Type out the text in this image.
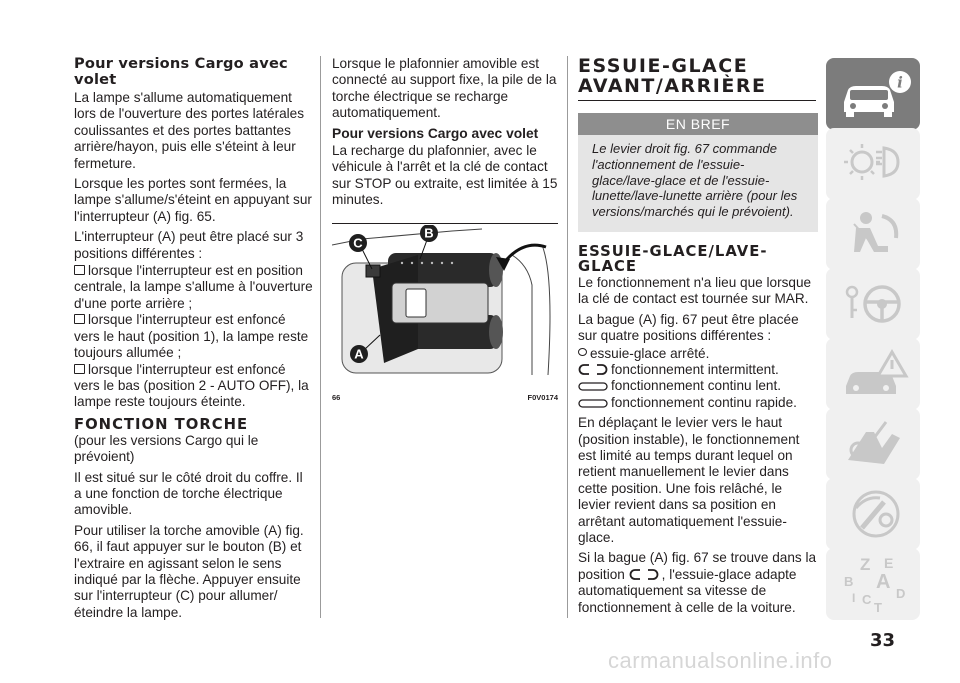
Pour versions Cargo avec volet

La lampe s'allume automatiquement lors de l'ouverture des portes latérales coulissantes et des portes battantes arrière/hayon, puis elle s'éteint à leur fermeture.

Lorsque les portes sont fermées, la lampe s'allume/s'éteint en appuyant sur l'interrupteur (A) fig. 65.

L'interrupteur (A) peut être placé sur 3 positions différentes :

lorsque l'interrupteur est en position centrale, la lampe s'allume à l'ouverture d'une porte arrière ;
lorsque l'interrupteur est enfoncé vers le haut (position 1), la lampe reste toujours allumée ;
lorsque l'interrupteur est enfoncé vers le bas (position 2 - AUTO OFF), la lampe reste toujours éteinte.
FONCTION TORCHE

(pour les versions Cargo qui le prévoient)

Il est situé sur le côté droit du coffre. Il a une fonction de torche électrique amovible.

Pour utiliser la torche amovible (A) fig. 66, il faut appuyer sur le bouton (B) et l'extraire en agissant selon le sens indiqué par la flèche. Appuyer ensuite sur l'interrupteur (C) pour allumer/éteindre la lampe.

Lorsque le plafonnier amovible est connecté au support fixe, la pile de la torche électrique se recharge automatiquement.

Pour versions Cargo avec volet

La recharge du plafonnier, avec le véhicule à l'arrêt et la clé de contact sur STOP ou extraite, est limitée à 15 minutes.

B
C
A
66	F0V0174
ESSUIE-GLACE
AVANT/ARRIÈRE
EN BREF
Le levier droit fig. 67 commande l'actionnement de l'essuie-glace/lave-glace et de l'essuie-lunette/lave-lunette arrière (pour les versions/marchés qui le prévoient).
ESSUIE-GLACE/LAVE-GLACE

Le fonctionnement n'a lieu que lorsque la clé de contact est tournée sur MAR.

La bague (A) fig. 67 peut être placée sur quatre positions différentes :

essuie-glace arrêté.
fonctionnement intermittent.
fonctionnement continu lent.
fonctionnement continu rapide.

En déplaçant le levier vers le haut (position instable), le fonctionnement est limité au temps durant lequel on retient manuellement le levier dans cette position. Une fois relâché, le levier revient dans sa position en arrêtant automatiquement l'essuie-glace.

Si la bague (A) fig. 67 se trouve dans la position	, l'essuie-glace adapte automatiquement sa vitesse de fonctionnement à celle de la voiture.

i
Z E
B A
I C D
T
33
carmanualsonline.info
